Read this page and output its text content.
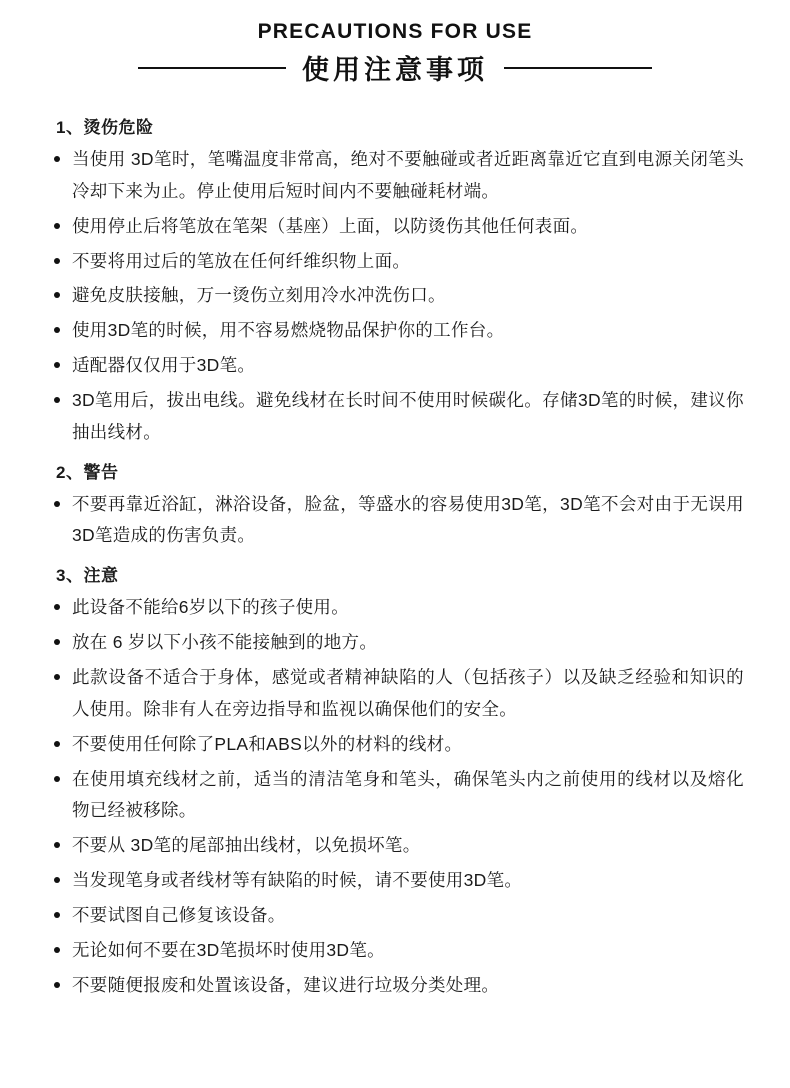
PRECAUTIONS FOR USE
使用注意事项
1、烫伤危险
当使用 3D笔时，笔嘴温度非常高，绝对不要触碰或者近距离靠近它直到电源关闭笔头冷却下来为止。停止使用后短时间内不要触碰耗材端。
使用停止后将笔放在笔架（基座）上面，以防烫伤其他任何表面。
不要将用过后的笔放在任何纤维织物上面。
避免皮肤接触，万一烫伤立刻用冷水冲洗伤口。
使用3D笔的时候，用不容易燃烧物品保护你的工作台。
适配器仅仅用于3D笔。
3D笔用后，拔出电线。避免线材在长时间不使用时候碳化。存储3D笔的时候，建议你抽出线材。
2、警告
不要再靠近浴缸，淋浴设备，脸盆，等盛水的容易使用3D笔，3D笔不会对由于无误用3D笔造成的伤害负责。
3、注意
此设备不能给6岁以下的孩子使用。
放在 6 岁以下小孩不能接触到的地方。
此款设备不适合于身体，感觉或者精神缺陷的人（包括孩子）以及缺乏经验和知识的人使用。除非有人在旁边指导和监视以确保他们的安全。
不要使用任何除了PLA和ABS以外的材料的线材。
在使用填充线材之前，适当的清洁笔身和笔头，确保笔头内之前使用的线材以及熔化物已经被移除。
不要从 3D笔的尾部抽出线材，以免损坏笔。
当发现笔身或者线材等有缺陷的时候，请不要使用3D笔。
不要试图自己修复该设备。
无论如何不要在3D笔损坏时使用3D笔。
不要随便报废和处置该设备，建议进行垃圾分类处理。
